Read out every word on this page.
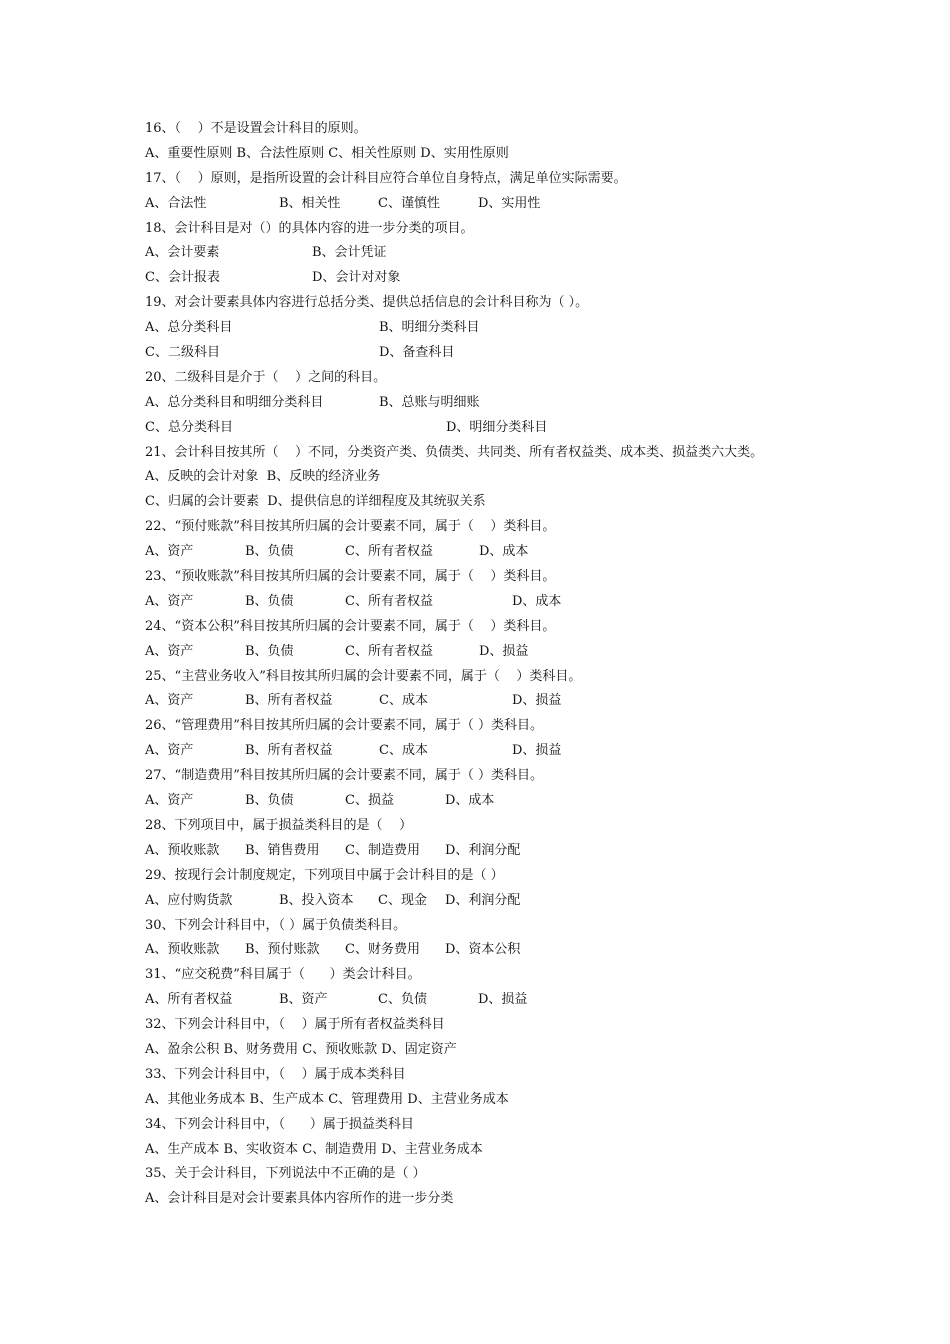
16、（    ）不是设置会计科目的原则。
A、重要性原则 B、合法性原则 C、相关性原则 D、实用性原则
17、（    ）原则，是指所设置的会计科目应符合单位自身特点，满足单位实际需要。

A、合法性

	B、相关性

	C、谨慎性

	D、实用性

18、会计科目是对（）的具体内容的进一步分类的项目。

A、会计要素

	B、会计凭证

C、会计报表

	D、会计对对象

19、对会计要素具体内容进行总括分类、提供总括信息的会计科目称为（ ）。

A、总分类科目

	B、明细分类科目

C、二级科目

	D、备查科目

20、二级科目是介于（    ）之间的科目。

A、总分类科目和明细分类科目

	B、总账与明细账

C、总分类科目

	D、明细分类科目

21、会计科目按其所（    ）不同，分类资产类、负债类、共同类、所有者权益类、成本类、损益类六大类。
A、反映的会计对象  B、反映的经济业务
C、归属的会计要素  D、提供信息的详细程度及其统驭关系
22、“预付账款”科目按其所归属的会计要素不同，属于（    ）类科目。

A、资产

	B、负债

	C、所有者权益

	D、成本

23、“预收账款”科目按其所归属的会计要素不同，属于（    ）类科目。

A、资产

	B、负债

	C、所有者权益

	D、成本

24、“资本公积”科目按其所归属的会计要素不同，属于（    ）类科目。

A、资产

	B、负债

	C、所有者权益

	D、损益

25、“主营业务收入”科目按其所归属的会计要素不同，属于（    ）类科目。

A、资产

	B、所有者权益

	C、成本

	D、损益

26、“管理费用”科目按其所归属的会计要素不同，属于（ ）类科目。

A、资产

	B、所有者权益

	C、成本

	D、损益

27、“制造费用”科目按其所归属的会计要素不同，属于（ ）类科目。

A、资产

	B、负债

	C、损益

	D、成本

28、下列项目中，属于损益类科目的是（    ）

A、预收账款

B、销售费用

C、制造费用

D、利润分配

29、按现行会计制度规定，下列项目中属于会计科目的是（ ）

A、应付购货款

	B、投入资本

C、现金

D、利润分配

30、下列会计科目中，（ ）属于负债类科目。

A、预收账款

B、预付账款

C、财务费用

D、资本公积

31、“应交税费”科目属于（      ）类会计科目。

A、所有者权益

	B、资产

	C、负债

	D、损益

32、下列会计科目中，（    ）属于所有者权益类科目
A、盈余公积 B、财务费用 C、预收账款 D、固定资产
33、下列会计科目中，（    ）属于成本类科目
A、其他业务成本 B、生产成本 C、管理费用 D、主营业务成本
34、下列会计科目中，（      ）属于损益类科目
A、生产成本 B、实收资本 C、制造费用 D、主营业务成本
35、关于会计科目，下列说法中不正确的是（ ）
A、会计科目是对会计要素具体内容所作的进一步分类
